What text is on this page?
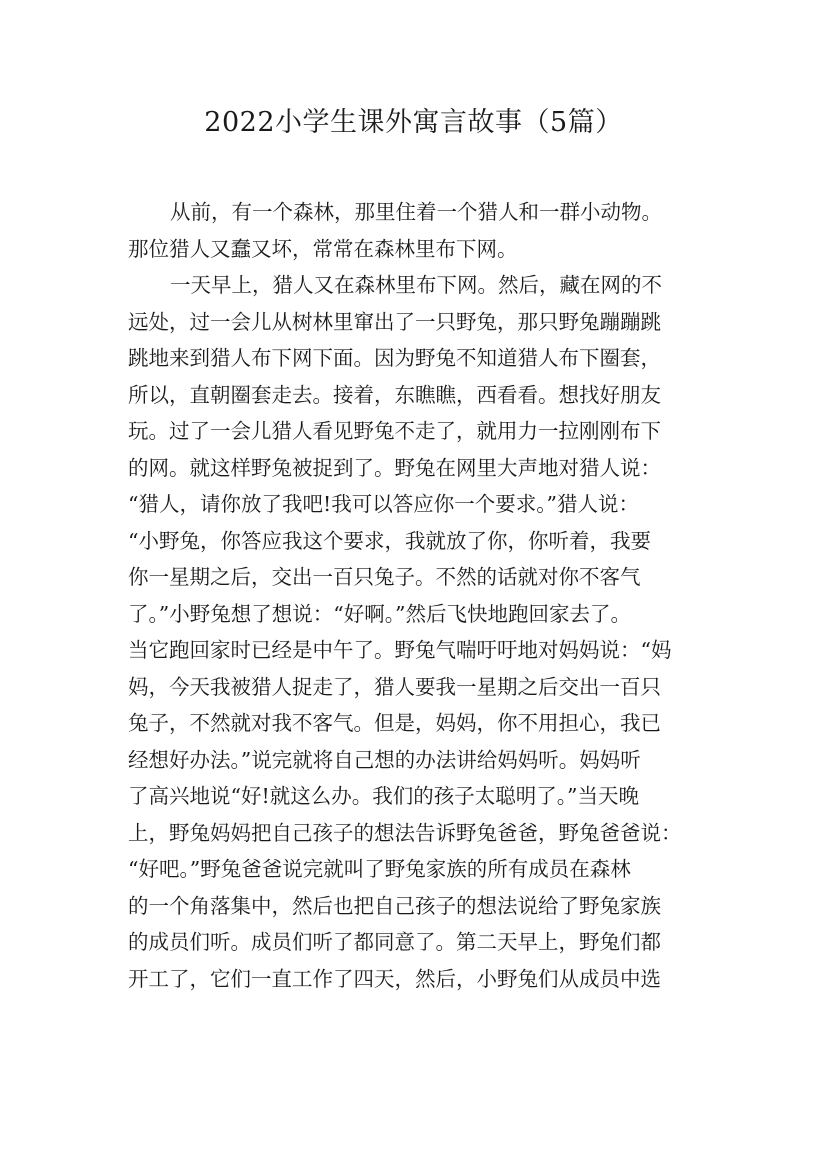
2022小学生课外寓言故事（5篇）
从前，有一个森林，那里住着一个猎人和一群小动物。
那位猎人又蠢又坏，常常在森林里布下网。
一天早上，猎人又在森林里布下网。然后，藏在网的不
远处，过一会儿从树林里窜出了一只野兔，那只野兔蹦蹦跳
跳地来到猎人布下网下面。因为野兔不知道猎人布下圈套，
所以，直朝圈套走去。接着，东瞧瞧，西看看。想找好朋友
玩。过了一会儿猎人看见野兔不走了，就用力一拉刚刚布下
的网。就这样野兔被捉到了。野兔在网里大声地对猎人说：
“猎人，请你放了我吧!我可以答应你一个要求。”猎人说：
“小野兔，你答应我这个要求，我就放了你，你听着，我要
你一星期之后，交出一百只兔子。不然的话就对你不客气
了。”小野兔想了想说：“好啊。”然后飞快地跑回家去了。
当它跑回家时已经是中午了。野兔气喘吁吁地对妈妈说：“妈
妈，今天我被猎人捉走了，猎人要我一星期之后交出一百只
兔子，不然就对我不客气。但是，妈妈，你不用担心，我已
经想好办法。”说完就将自己想的办法讲给妈妈听。妈妈听
了高兴地说“好!就这么办。我们的孩子太聪明了。”当天晚
上，野兔妈妈把自己孩子的想法告诉野兔爸爸，野兔爸爸说：
“好吧。”野兔爸爸说完就叫了野兔家族的所有成员在森林
的一个角落集中，然后也把自己孩子的想法说给了野兔家族
的成员们听。成员们听了都同意了。第二天早上，野兔们都
开工了，它们一直工作了四天，然后，小野兔们从成员中选
